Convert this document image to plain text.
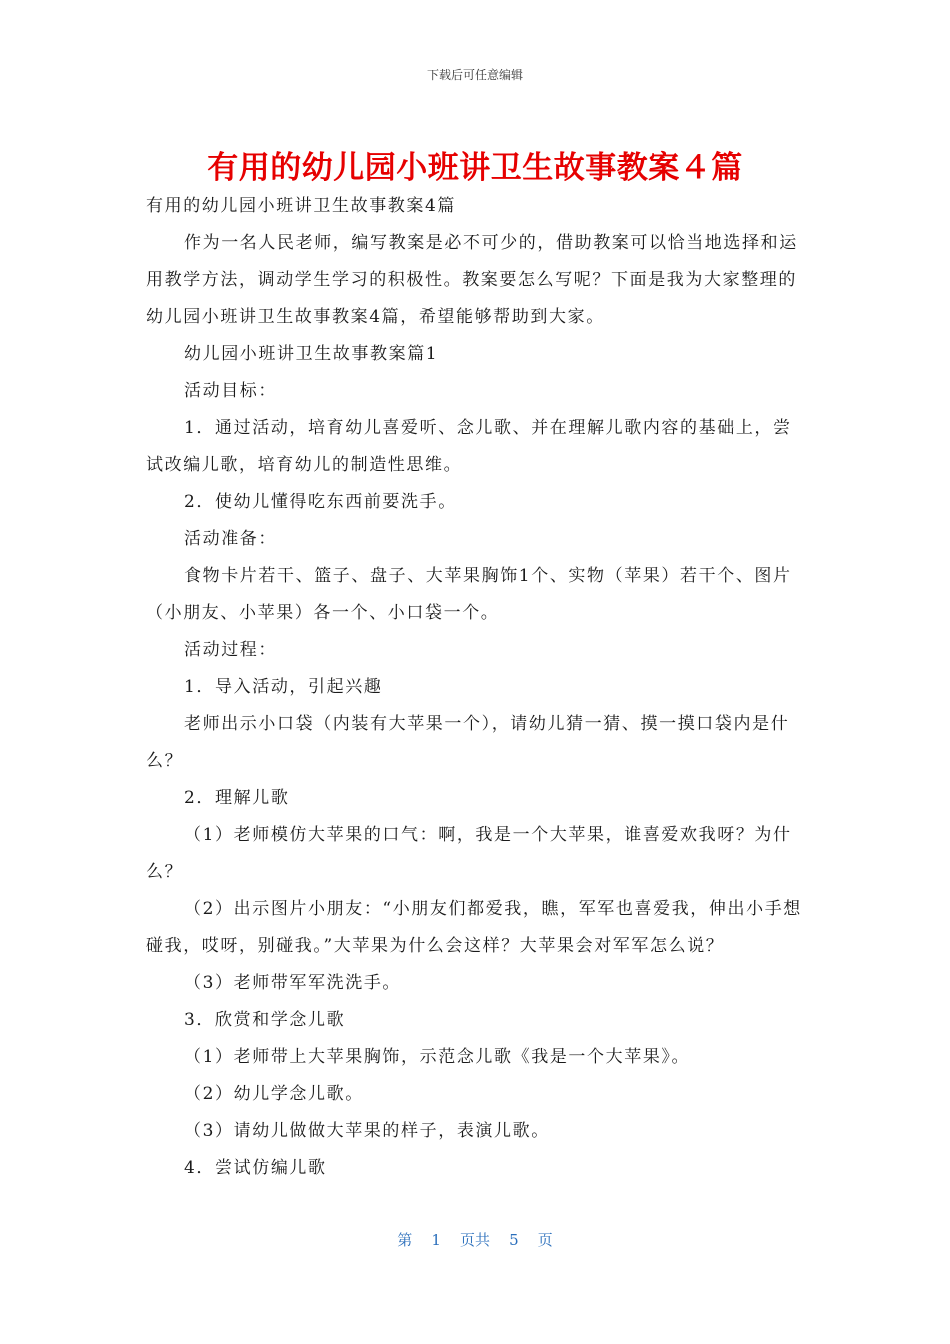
下载后可任意编辑
有用的幼儿园小班讲卫生故事教案４篇

有用的幼儿园小班讲卫生故事教案4篇

作为一名人民老师，编写教案是必不可少的，借助教案可以恰当地选择和运用教学方法，调动学生学习的积极性。教案要怎么写呢？下面是我为大家整理的幼儿园小班讲卫生故事教案4篇，希望能够帮助到大家。

幼儿园小班讲卫生故事教案篇1

活动目标：

1．通过活动，培育幼儿喜爱听、念儿歌、并在理解儿歌内容的基础上，尝试改编儿歌，培育幼儿的制造性思维。

2．使幼儿懂得吃东西前要洗手。

活动准备：

食物卡片若干、篮子、盘子、大苹果胸饰1个、实物（苹果）若干个、图片（小朋友、小苹果）各一个、小口袋一个。

活动过程：

1．导入活动，引起兴趣

老师出示小口袋（内装有大苹果一个），请幼儿猜一猜、摸一摸口袋内是什么？

2．理解儿歌

（1）老师模仿大苹果的口气：啊，我是一个大苹果，谁喜爱欢我呀？为什么？

（2）出示图片小朋友：“小朋友们都爱我，瞧，军军也喜爱我，伸出小手想碰我，哎呀，别碰我。”大苹果为什么会这样？大苹果会对军军怎么说？

（3）老师带军军洗洗手。

3．欣赏和学念儿歌

（1）老师带上大苹果胸饰，示范念儿歌《我是一个大苹果》。

（2）幼儿学念儿歌。

（3）请幼儿做做大苹果的样子，表演儿歌。

4．尝试仿编儿歌

第 1 页共 5 页
